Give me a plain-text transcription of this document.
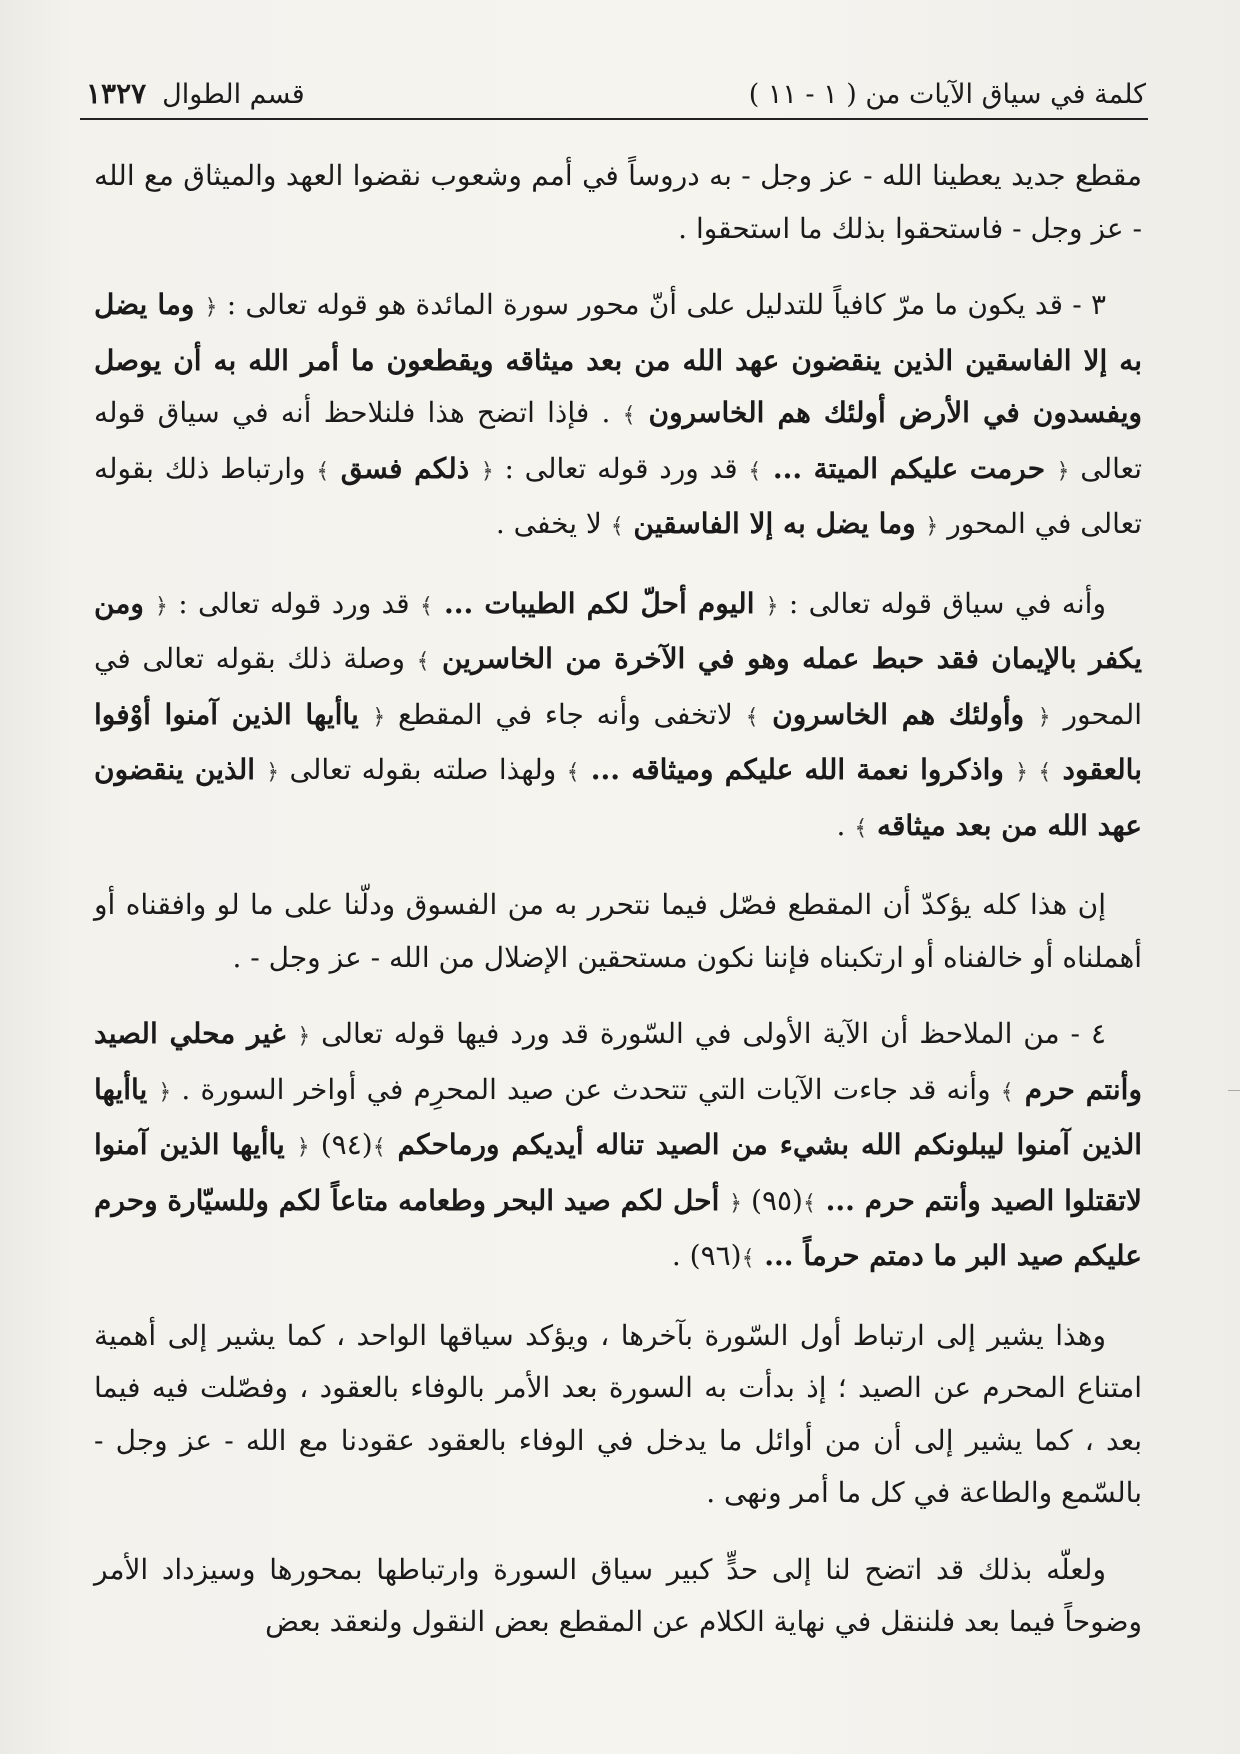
كلمة في سياق الآيات من ( ١ - ١١ )
قسم الطوال
١٣٢٧

مقطع جديد يعطينا الله - عز وجل - به دروساً في أمم وشعوب نقضوا العهد والميثاق مع الله - عز وجل - فاستحقوا بذلك ما استحقوا .

٣ - قد يكون ما مرّ كافياً للتدليل على أنّ محور سورة المائدة هو قوله تعالى : ﴿ وما يضل به إلا الفاسقين الذين ينقضون عهد الله من بعد ميثاقه ويقطعون ما أمر الله به أن يوصل ويفسدون في الأرض أولئك هم الخاسرون ﴾ . فإذا اتضح هذا فلنلاحظ أنه في سياق قوله تعالى ﴿ حرمت عليكم الميتة ... ﴾ قد ورد قوله تعالى : ﴿ ذلكم فسق ﴾ وارتباط ذلك بقوله تعالى في المحور ﴿ وما يضل به إلا الفاسقين ﴾ لا يخفى .

وأنه في سياق قوله تعالى : ﴿ اليوم أحلّ لكم الطيبات ... ﴾ قد ورد قوله تعالى : ﴿ ومن يكفر بالإيمان فقد حبط عمله وهو في الآخرة من الخاسرين ﴾ وصلة ذلك بقوله تعالى في المحور ﴿ وأولئك هم الخاسرون ﴾ لاتخفى وأنه جاء في المقطع ﴿ ياأيها الذين آمنوا أوْفوا بالعقود ﴾ ﴿ واذكروا نعمة الله عليكم وميثاقه ... ﴾ ولهذا صلته بقوله تعالى ﴿ الذين ينقضون عهد الله من بعد ميثاقه ﴾ .

إن هذا كله يؤكدّ أن المقطع فصّل فيما نتحرر به من الفسوق ودلّنا على ما لو وافقناه أو أهملناه أو خالفناه أو ارتكبناه فإننا نكون مستحقين الإضلال من الله - عز وجل - .

٤ - من الملاحظ أن الآية الأولى في السّورة قد ورد فيها قوله تعالى ﴿ غير محلي الصيد وأنتم حرم ﴾ وأنه قد جاءت الآيات التي تتحدث عن صيد المحرِم في أواخر السورة . ﴿ ياأيها الذين آمنوا ليبلونكم الله بشيء من الصيد تناله أيديكم ورماحكم ﴾(٩٤) ﴿ ياأيها الذين آمنوا لاتقتلوا الصيد وأنتم حرم ... ﴾(٩٥) ﴿ أحل لكم صيد البحر وطعامه متاعاً لكم وللسيّارة وحرم عليكم صيد البر ما دمتم حرماً ... ﴾(٩٦) .

وهذا يشير إلى ارتباط أول السّورة بآخرها ، ويؤكد سياقها الواحد ، كما يشير إلى أهمية امتناع المحرم عن الصيد ؛ إذ بدأت به السورة بعد الأمر بالوفاء بالعقود ، وفصّلت فيه فيما بعد ، كما يشير إلى أن من أوائل ما يدخل في الوفاء بالعقود عقودنا مع الله - عز وجل - بالسّمع والطاعة في كل ما أمر ونهى .

ولعلّه بذلك قد اتضح لنا إلى حدٍّ كبير سياق السورة وارتباطها بمحورها وسيزداد الأمر وضوحاً فيما بعد فلننقل في نهاية الكلام عن المقطع بعض النقول ولنعقد بعض
